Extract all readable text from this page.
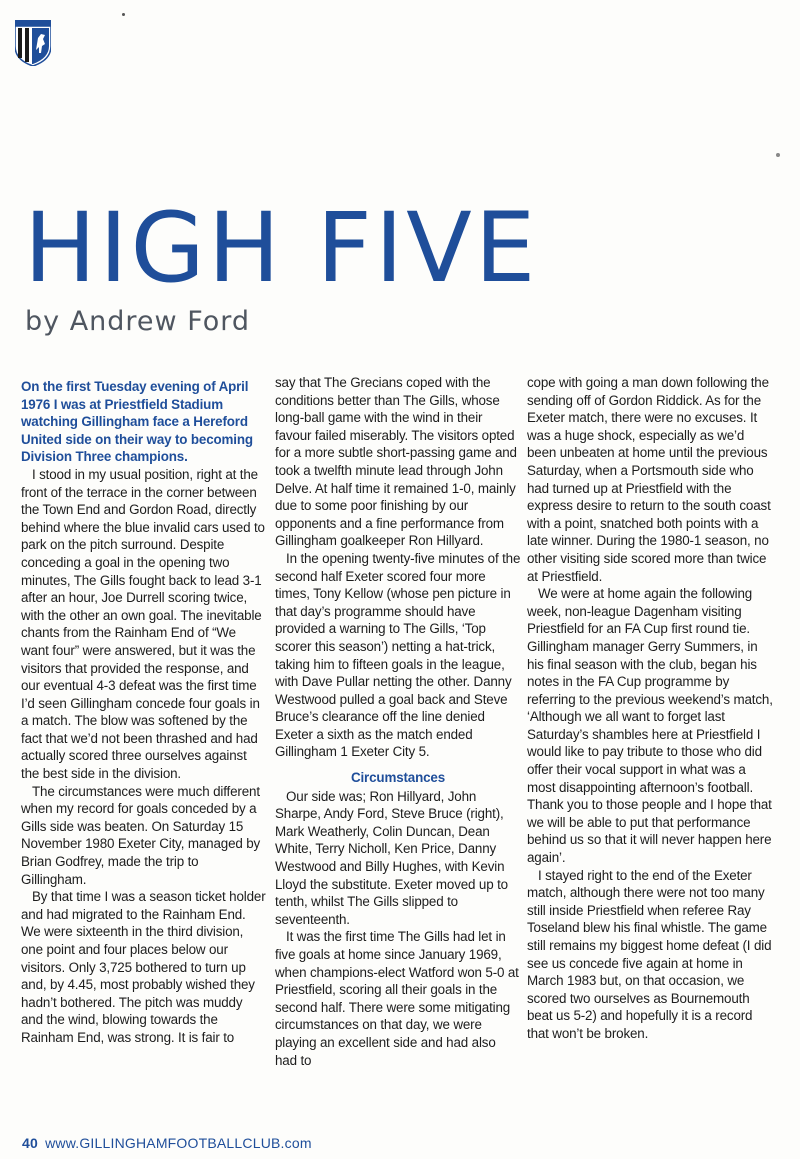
HIGH FIVE

by Andrew Ford

On the first Tuesday evening of April 1976 I was at Priestfield Stadium watching Gillingham face a Hereford United side on their way to becoming Division Three champions.

I stood in my usual position, right at the front of the terrace in the corner between the Town End and Gordon Road, directly behind where the blue invalid cars used to park on the pitch surround. Despite conceding a goal in the opening two minutes, The Gills fought back to lead 3-1 after an hour, Joe Durrell scoring twice, with the other an own goal. The inevitable chants from the Rainham End of “We want four” were answered, but it was the visitors that provided the response, and our eventual 4-3 defeat was the first time I’d seen Gillingham concede four goals in a match. The blow was softened by the fact that we’d not been thrashed and had actually scored three ourselves against the best side in the division.

The circumstances were much different when my record for goals conceded by a Gills side was beaten. On Saturday 15 November 1980 Exeter City, managed by Brian Godfrey, made the trip to Gillingham.

By that time I was a season ticket holder and had migrated to the Rainham End. We were sixteenth in the third division, one point and four places below our visitors. Only 3,725 bothered to turn up and, by 4.45, most probably wished they hadn’t bothered. The pitch was muddy and the wind, blowing towards the Rainham End, was strong. It is fair to

say that The Grecians coped with the conditions better than The Gills, whose long-ball game with the wind in their favour failed miserably. The visitors opted for a more subtle short-passing game and took a twelfth minute lead through John Delve. At half time it remained 1-0, mainly due to some poor finishing by our opponents and a fine performance from Gillingham goalkeeper Ron Hillyard.

In the opening twenty-five minutes of the second half Exeter scored four more times, Tony Kellow (whose pen picture in that day’s programme should have provided a warning to The Gills, ‘Top scorer this season’) netting a hat-trick, taking him to fifteen goals in the league, with Dave Pullar netting the other. Danny Westwood pulled a goal back and Steve Bruce’s clearance off the line denied Exeter a sixth as the match ended Gillingham 1 Exeter City 5.

Circumstances

Our side was; Ron Hillyard, John Sharpe, Andy Ford, Steve Bruce (right), Mark Weatherly, Colin Duncan, Dean White, Terry Nicholl, Ken Price, Danny Westwood and Billy Hughes, with Kevin Lloyd the substitute. Exeter moved up to tenth, whilst The Gills slipped to seventeenth.

It was the first time The Gills had let in five goals at home since January 1969, when champions-elect Watford won 5-0 at Priestfield, scoring all their goals in the second half. There were some mitigating circumstances on that day, we were playing an excellent side and had also had to

cope with going a man down following the sending off of Gordon Riddick. As for the Exeter match, there were no excuses. It was a huge shock, especially as we’d been unbeaten at home until the previous Saturday, when a Portsmouth side who had turned up at Priestfield with the express desire to return to the south coast with a point, snatched both points with a late winner. During the 1980-1 season, no other visiting side scored more than twice at Priestfield.

We were at home again the following week, non-league Dagenham visiting Priestfield for an FA Cup first round tie. Gillingham manager Gerry Summers, in his final season with the club, began his notes in the FA Cup programme by referring to the previous weekend’s match, ‘Although we all want to forget last Saturday’s shambles here at Priestfield I would like to pay tribute to those who did offer their vocal support in what was a most disappointing afternoon’s football. Thank you to those people and I hope that we will be able to put that performance behind us so that it will never happen here again’.

I stayed right to the end of the Exeter match, although there were not too many still inside Priestfield when referee Ray Toseland blew his final whistle. The game still remains my biggest home defeat (I did see us concede five again at home in March 1983 but, on that occasion, we scored two ourselves as Bournemouth beat us 5-2) and hopefully it is a record that won’t be broken.

40 www.GILLINGHAMFOOTBALLCLUB.com
